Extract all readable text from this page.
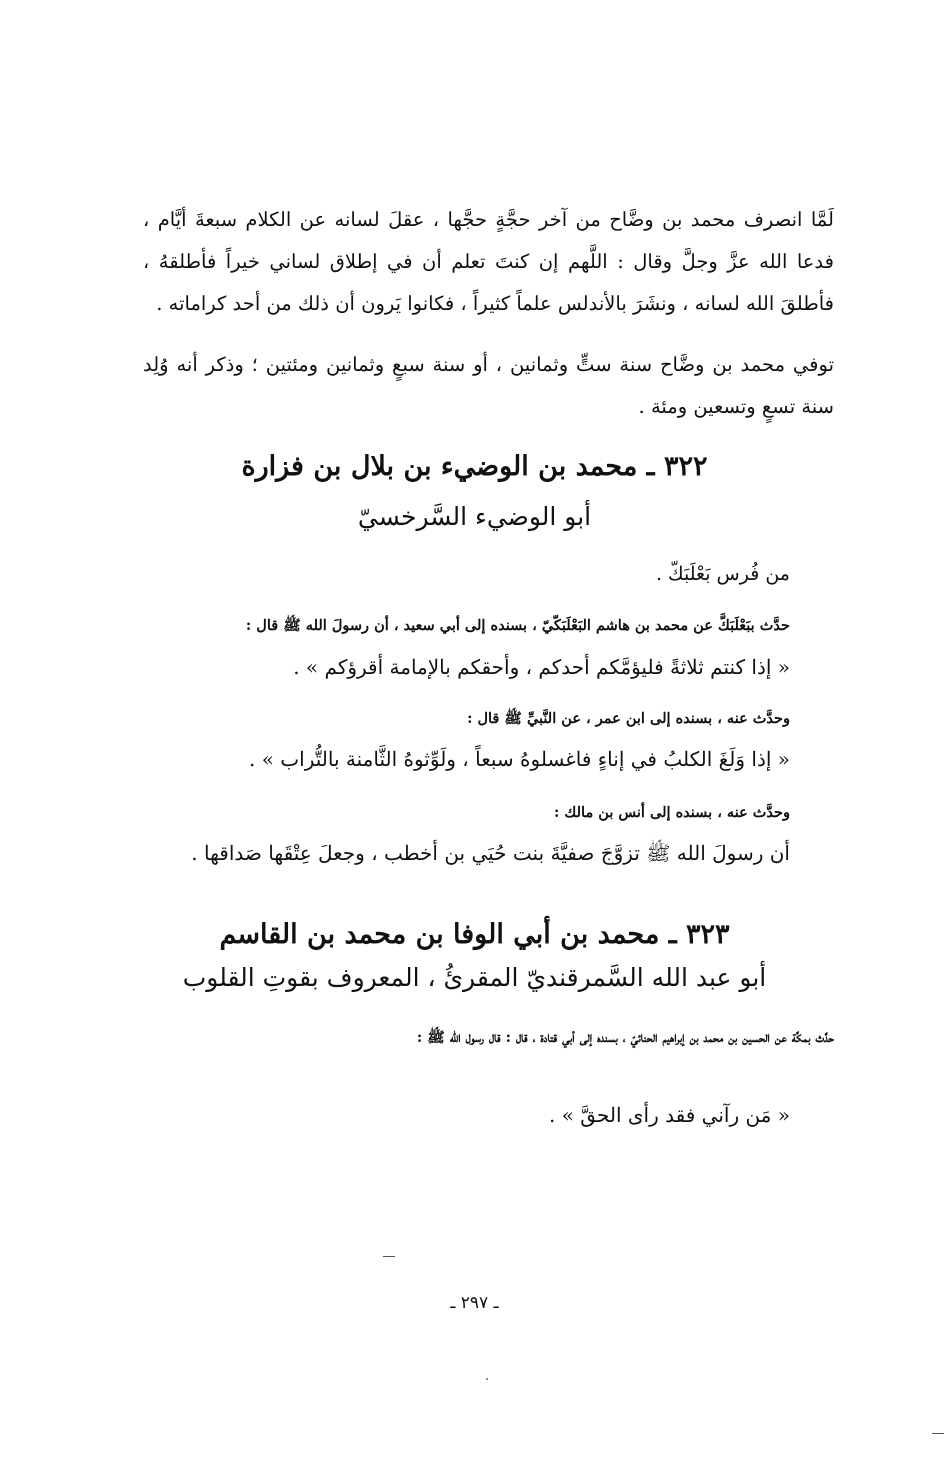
لَمَّا انصرف محمد بن وضَّاح من آخر حجَّةٍ حجَّها ، عقلَ لسانه عن الكلام سبعةَ أيَّام ، فدعا الله عزَّ وجلَّ وقال : اللَّهم إن كنتَ تعلم أن في إطلاق لساني خيراً فأطلقهُ ، فأطلقَ الله لسانه ، ونشَرَ بالأندلس علماً كثيراً ، فكانوا يَرون أن ذلك من أحد كراماته .
توفي محمد بن وضَّاح سنة ستٍّ وثمانين ، أو سنة سبعٍ وثمانين ومئتين ؛ وذكر أنه وُلِد سنة تسعٍ وتسعين ومئة .
٣٢٢ ـ محمد بن الوضيء بن بلال بن فزارة
أبو الوضيء السَّرخسيّ
من فُرس بَعْلَبَكّ .
حدَّث ببَعْلَبَكَّ عن محمد بن هاشم البَعْلَبَكّيّ ، بسنده إلى أبي سعيد ، أن رسولَ الله ﷺ قال :
« إذا كنتم ثلاثةً فليؤمَّكم أحدكم ، وأحقكم بالإمامة أقرؤكم » .
وحدَّث عنه ، بسنده إلى ابن عمر ، عن النَّبيِّ ﷺ قال :
« إذا وَلَغَ الكلبُ في إناءٍ فاغسلوهُ سبعاً ، ولَوِّثوهُ الثَّامنة بالتُّراب » .
وحدَّث عنه ، بسنده إلى أنس بن مالك :
أن رسولَ الله ﷺ تزوَّجَ صفيَّةَ بنت حُيَي بن أخطب ، وجعلَ عِتْقَها صَداقها .
٣٢٣ ـ محمد بن أبي الوفا بن محمد بن القاسم
أبو عبد الله السَّمرقنديّ المقرئُ ، المعروف بقوتِ القلوب
حدَّث بمكَّة عن الحسين بن محمد بن إبراهيم الحنائيّ ، بسنده إلى أبي قتادة ، قال : قال رسول الله ﷺ :
« مَن رآني فقد رأى الحقَّ » .
ـ ٢٩٧ ـ
